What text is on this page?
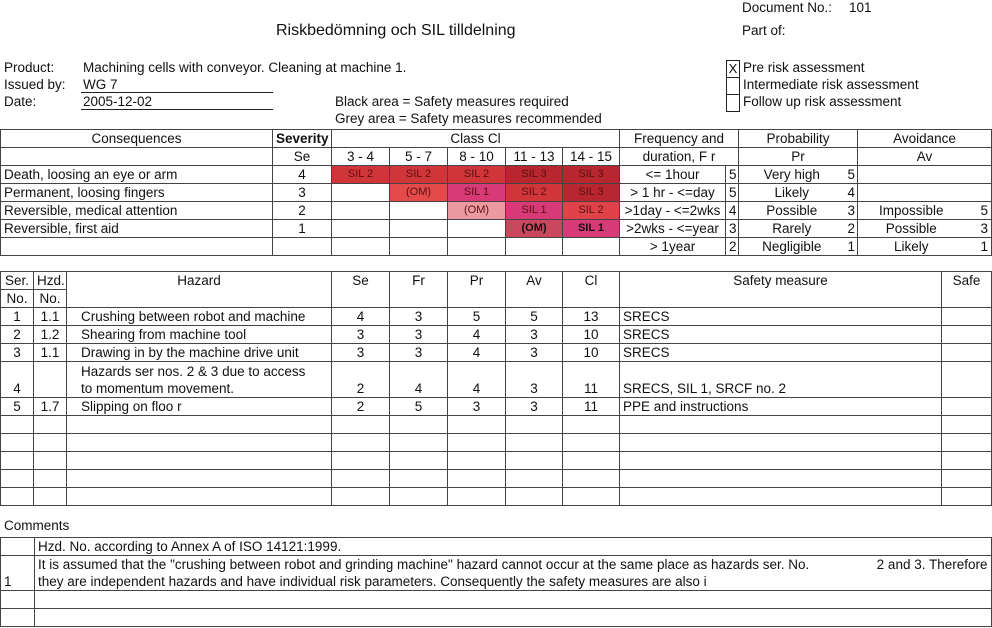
Document No.: 101
Part of:
Riskbedömning och SIL tilldelning
Product: Machining cells with conveyor. Cleaning at machine 1.
Issued by: WG 7
Date:	2005-12-02	Black area = Safety measures required
Grey area = Safety measures recommended
X Pre risk assessment
Intermediate risk assessment
Follow up risk assessment
Consequences	Severity	Class Cl					Frequency and		Probability		Avoidance	
	Se	3 - 4	5 - 7	8 - 10	11 - 13	14 - 15	duration, F r		Pr		Av	
Death, loosing an eye or arm	4	SIL 2	SIL 2	SIL 2	SIL 3	SIL 3	<= 1hour	5	Very high	5		
Permanent, loosing fingers	3		(OM)	SIL 1	SIL 2	SIL 3	> 1 hr - <=day	5	Likely	4		
Reversible, medical attention	2			(OM)	SIL 1	SIL 2	>1day - <=2wks	4	Possible	3	Impossible	5
Reversible, first aid	1				(OM)	SIL 1	>2wks - <=year	3	Rarely	2	Possible	3
							> 1year	2	Negligible	1	Likely	1
Ser.	Hzd.	Hazard	Se	Fr	Pr	Av	Cl	Safety measure	Safe
No.	No.								
1	1.1	Crushing between robot and machine	4	3	5	5	13	SRECS	
2	1.2	Shearing from machine tool	3	3	4	3	10	SRECS	
3	1.1	Drawing in by the machine drive unit	3	3	4	3	10	SRECS	
4		Hazards ser nos. 2 & 3 due to access
to momentum movement.	2	4	4	3	11	SRECS, SIL 1, SRCF no. 2	
5	1.7	Slipping on floo r	2	5	3	3	11	PPE and instructions	

Comments
	Hzd. No. according to Annex A of ISO 14121:1999.
1	It is assumed that the "crushing between robot and grinding machine" hazard cannot occur at the same place as hazards ser. No. 2 and 3. Therefore

	they are independent hazards and have individual risk parameters. Consequently the safety measures are also i
